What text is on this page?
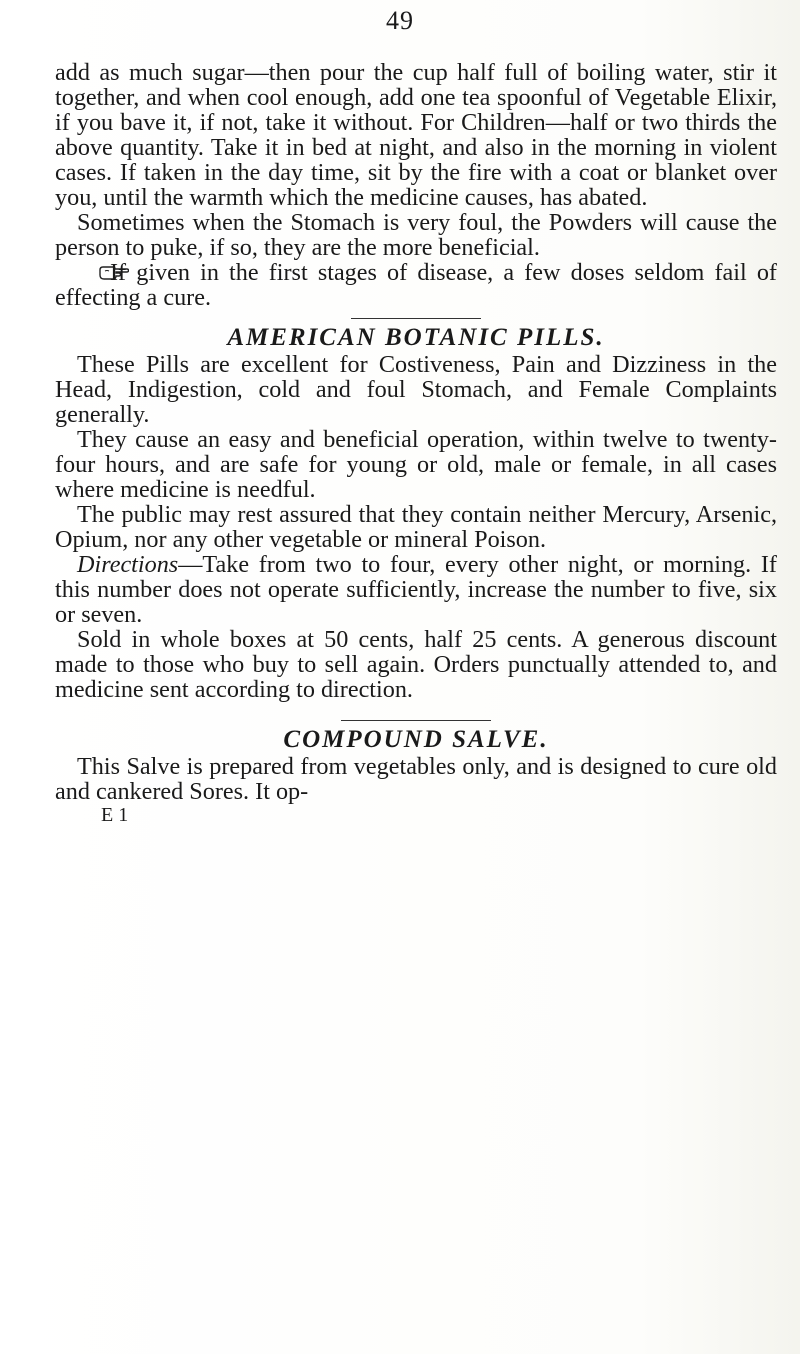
49

add as much sugar—then pour the cup half full of boiling water, stir it together, and when cool enough, add one tea spoonful of Vegetable Elixir, if you bave it, if not, take it without. For Children—half or two thirds the above quantity. Take it in bed at night, and also in the morning in violent cases. If taken in the day time, sit by the fire with a coat or blanket over you, until the warmth which the medicine causes, has abated.

Sometimes when the Stomach is very foul, the Powders will cause the person to puke, if so, they are the more beneficial.

If given in the first stages of disease, a few doses seldom fail of effecting a cure.

AMERICAN BOTANIC PILLS.

These Pills are excellent for Costiveness, Pain and Dizziness in the Head, Indigestion, cold and foul Stomach, and Female Complaints generally.

They cause an easy and beneficial operation, within twelve to twenty-four hours, and are safe for young or old, male or female, in all cases where medicine is needful.

The public may rest assured that they contain neither Mercury, Arsenic, Opium, nor any other vegetable or mineral Poison.

Directions—Take from two to four, every other night, or morning. If this number does not operate sufficiently, increase the number to five, six or seven.

Sold in whole boxes at 50 cents, half 25 cents. A generous discount made to those who buy to sell again. Orders punctually attended to, and medicine sent according to direction.

COMPOUND SALVE.

This Salve is prepared from vegetables only, and is designed to cure old and cankered Sores. It op-

E 1
